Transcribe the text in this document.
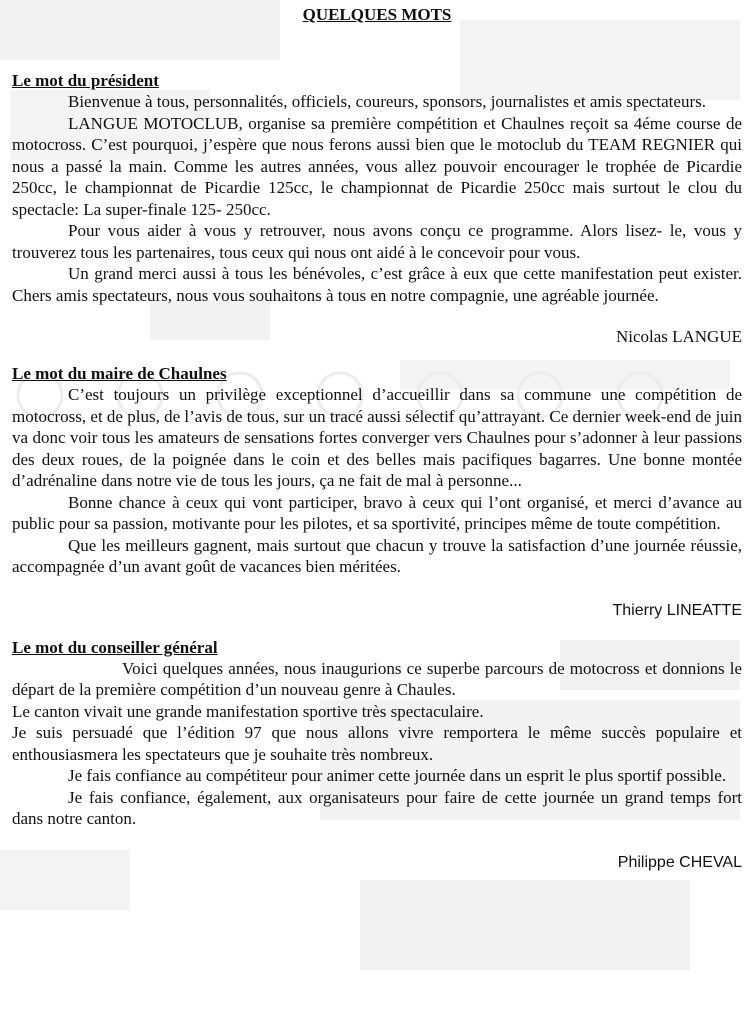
QUELQUES MOTS
Le mot du président
Bienvenue à tous, personnalités, officiels, coureurs, sponsors, journalistes et amis spectateurs.
LANGUE MOTOCLUB, organise sa première compétition et Chaulnes reçoit sa 4éme course de motocross. C’est pourquoi, j’espère que nous ferons aussi bien que le motoclub du TEAM REGNIER qui nous a passé la main. Comme les autres années, vous allez pouvoir encourager le trophée de Picardie 250cc, le championnat de Picardie 125cc, le championnat de Picardie 250cc mais surtout le clou du spectacle: La super-finale 125- 250cc.
Pour vous aider à vous y retrouver, nous avons conçu ce programme. Alors lisez- le, vous y trouverez tous les partenaires, tous ceux qui nous ont aidé à le concevoir pour vous.
Un grand merci aussi à tous les bénévoles, c’est grâce à eux que cette manifestation peut exister. Chers amis spectateurs, nous vous souhaitons à tous en notre compagnie, une agréable journée.
Nicolas LANGUE
Le mot du maire de Chaulnes
C’est toujours un privilège exceptionnel d’accueillir dans sa commune une compétition de motocross, et de plus, de l’avis de tous, sur un tracé aussi sélectif qu’attrayant. Ce dernier week-end de juin va donc voir tous les amateurs de sensations fortes converger vers Chaulnes pour s’adonner à leur passions des deux roues, de la poignée dans le coin et des belles mais pacifiques bagarres. Une bonne montée d’adrénaline dans notre vie de tous les jours, ça ne fait de mal à personne...
Bonne chance à ceux qui vont participer, bravo à ceux qui l’ont organisé, et merci d’avance au public pour sa passion, motivante pour les pilotes, et sa sportivité, principes même de toute compétition.
Que les meilleurs gagnent, mais surtout que chacun y trouve la satisfaction d’une journée réussie, accompagnée d’un avant goût de vacances bien méritées.
Thierry LINEATTE
Le mot du conseiller général
Voici quelques années, nous inaugurions ce superbe parcours de motocross et donnions le départ de la première compétition d’un nouveau genre à Chaules.
Le canton vivait une grande manifestation sportive très spectaculaire.
Je suis persuadé que l’édition 97 que nous allons vivre remportera le même succès populaire et enthousiasmera les spectateurs que je souhaite très nombreux.
Je fais confiance au compétiteur pour animer cette journée dans un esprit le plus sportif possible.
Je fais confiance, également, aux organisateurs pour faire de cette journée un grand temps fort dans notre canton.
Philippe CHEVAL
